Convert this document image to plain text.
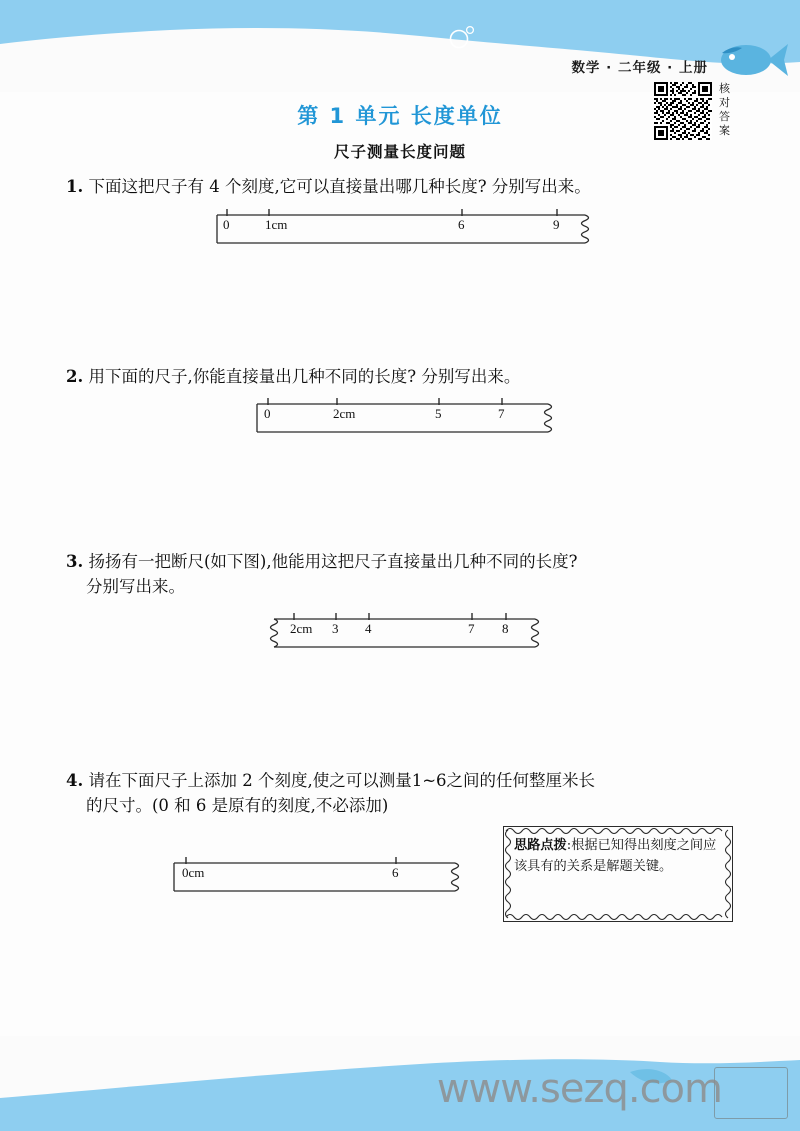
数学 · 二年级 · 上册
核
对
答
案
第 1 单元 长度单位
尺子测量长度问题
1. 下面这把尺子有 4 个刻度,它可以直接量出哪几种长度? 分别写出来。
2. 用下面的尺子,你能直接量出几种不同的长度? 分别写出来。
3. 扬扬有一把断尺(如下图),他能用这把尺子直接量出几种不同的长度?
分别写出来。
4. 请在下面尺子上添加 2 个刻度,使之可以测量1~6之间的任何整厘米长
的尺寸。(0 和 6 是原有的刻度,不必添加)
0	1cm	6	9
0	2cm	5	7
2cm 3 4	7 8
0cm	6
思路点拨:根据已知得出刻度之间应该具有的关系是解题关键。
www.sezq.com
